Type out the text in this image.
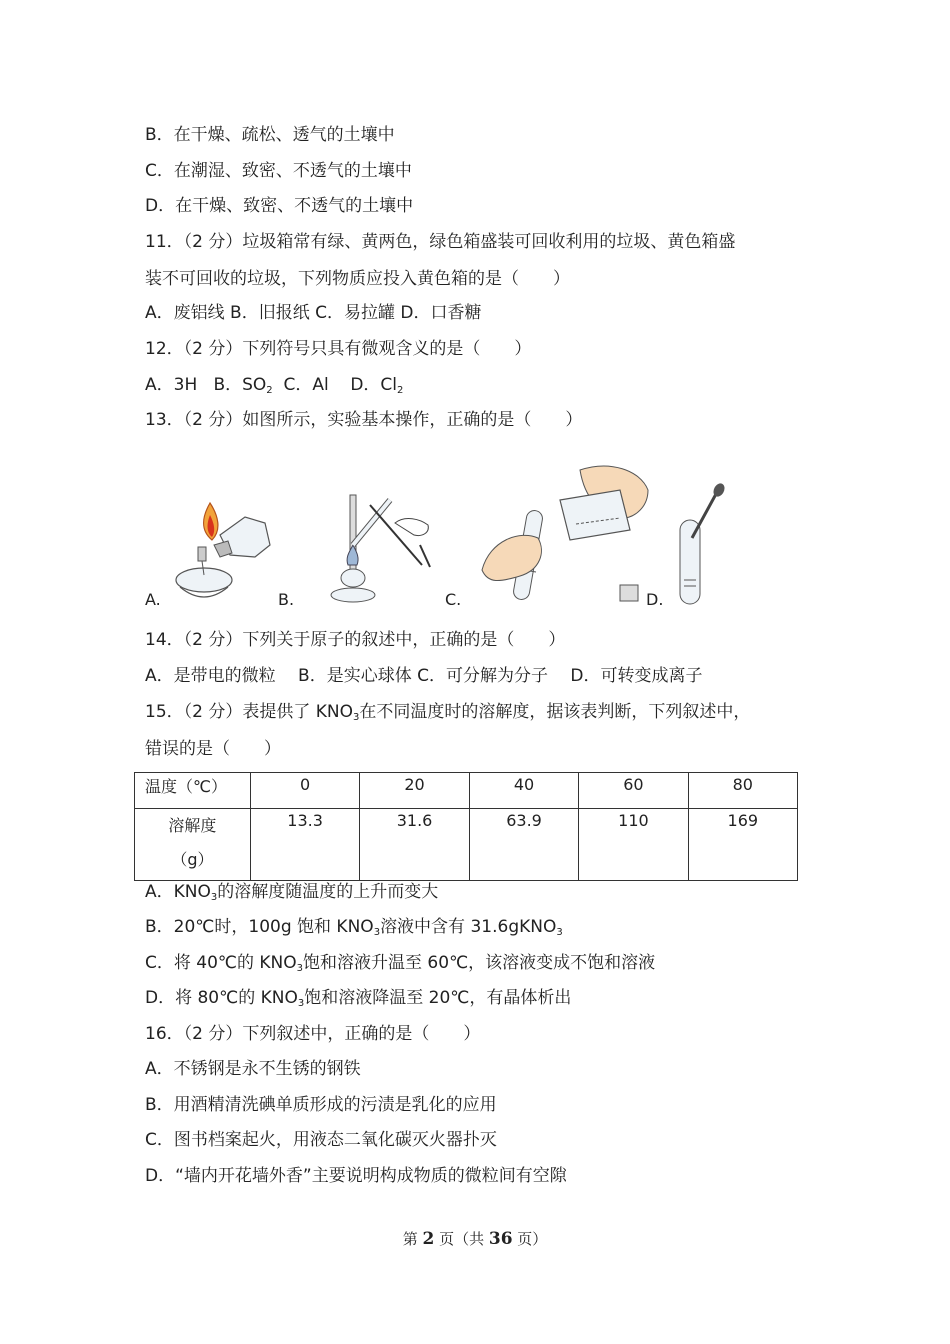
B．在干燥、疏松、透气的土壤中
C．在潮湿、致密、不透气的土壤中
D．在干燥、致密、不透气的土壤中
11．（2 分）垃圾箱常有绿、黄两色，绿色箱盛装可回收利用的垃圾、黄色箱盛
装不可回收的垃圾，下列物质应投入黄色箱的是（　　）
A．废铝线 B．旧报纸 C．易拉罐 D．口香糖
12．（2 分）下列符号只具有微观含义的是（　　）
A．3H B．$SO_2$ C．Al D．$Cl_2$
13．（2 分）如图所示，实验基本操作，正确的是（　　）
A.	B.	C.	D.
14．（2 分）下列关于原子的叙述中，正确的是（　　）
A．是带电的微粒　 B．是实心球体 C．可分解为分子　 D．可转变成离子
15．（2 分）表提供了 $KNO_3$在不同温度时的溶解度，据该表判断，下列叙述中，
错误的是（　　）
温度（℃）	0	20	40	60	80

溶解度
（g）	13.3	31.6	63.9	110	169
A．$KNO_3$的溶解度随温度的上升而变大
B．20℃时，100g 饱和 $KNO_3$溶液中含有 31.6gKNO$_3$
C．将 40℃的 $KNO_3$饱和溶液升温至 60℃，该溶液变成不饱和溶液
D．将 80℃的 $KNO_3$饱和溶液降温至 20℃，有晶体析出
16．（2 分）下列叙述中，正确的是（　　）
A．不锈钢是永不生锈的钢铁
B．用酒精清洗碘单质形成的污渍是乳化的应用
C．图书档案起火，用液态二氧化碳灭火器扑灭
D．“墙内开花墙外香”主要说明构成物质的微粒间有空隙
第 2 页（共 36 页）
